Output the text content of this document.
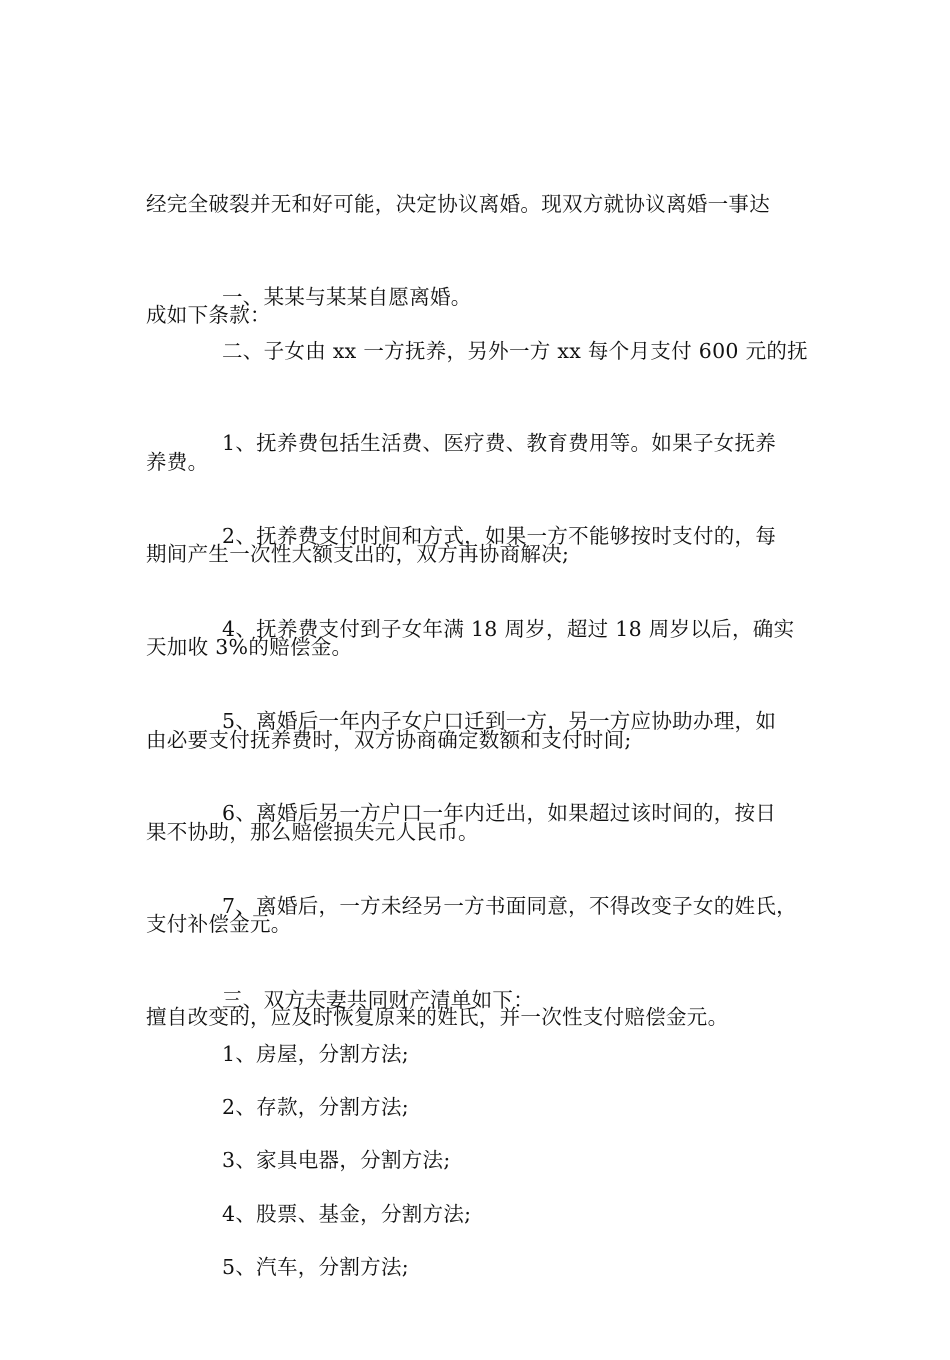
经完全破裂并无和好可能，决定协议离婚。现双方就协议离婚一事达

成如下条款：

一、某某与某某自愿离婚。

二、子女由 xx 一方抚养，另外一方 xx 每个月支付 600 元的抚

养费。

1、抚养费包括生活费、医疗费、教育费用等。如果子女抚养

期间产生一次性大额支出的，双方再协商解决;

2、抚养费支付时间和方式，如果一方不能够按时支付的，每

天加收 3%的赔偿金。

4、抚养费支付到子女年满 18 周岁，超过 18 周岁以后，确实

由必要支付抚养费时，双方协商确定数额和支付时间;

5、离婚后一年内子女户口迁到一方，另一方应协助办理，如

果不协助，那么赔偿损失元人民币。

6、离婚后另一方户口一年内迁出，如果超过该时间的，按日

支付补偿金元。

7、离婚后，一方未经另一方书面同意，不得改变子女的姓氏，

擅自改变的，应及时恢复原来的姓氏，并一次性支付赔偿金元。

三、双方夫妻共同财产清单如下：

1、房屋，分割方法;

2、存款，分割方法;

3、家具电器，分割方法;

4、股票、基金，分割方法;

5、汽车，分割方法;
